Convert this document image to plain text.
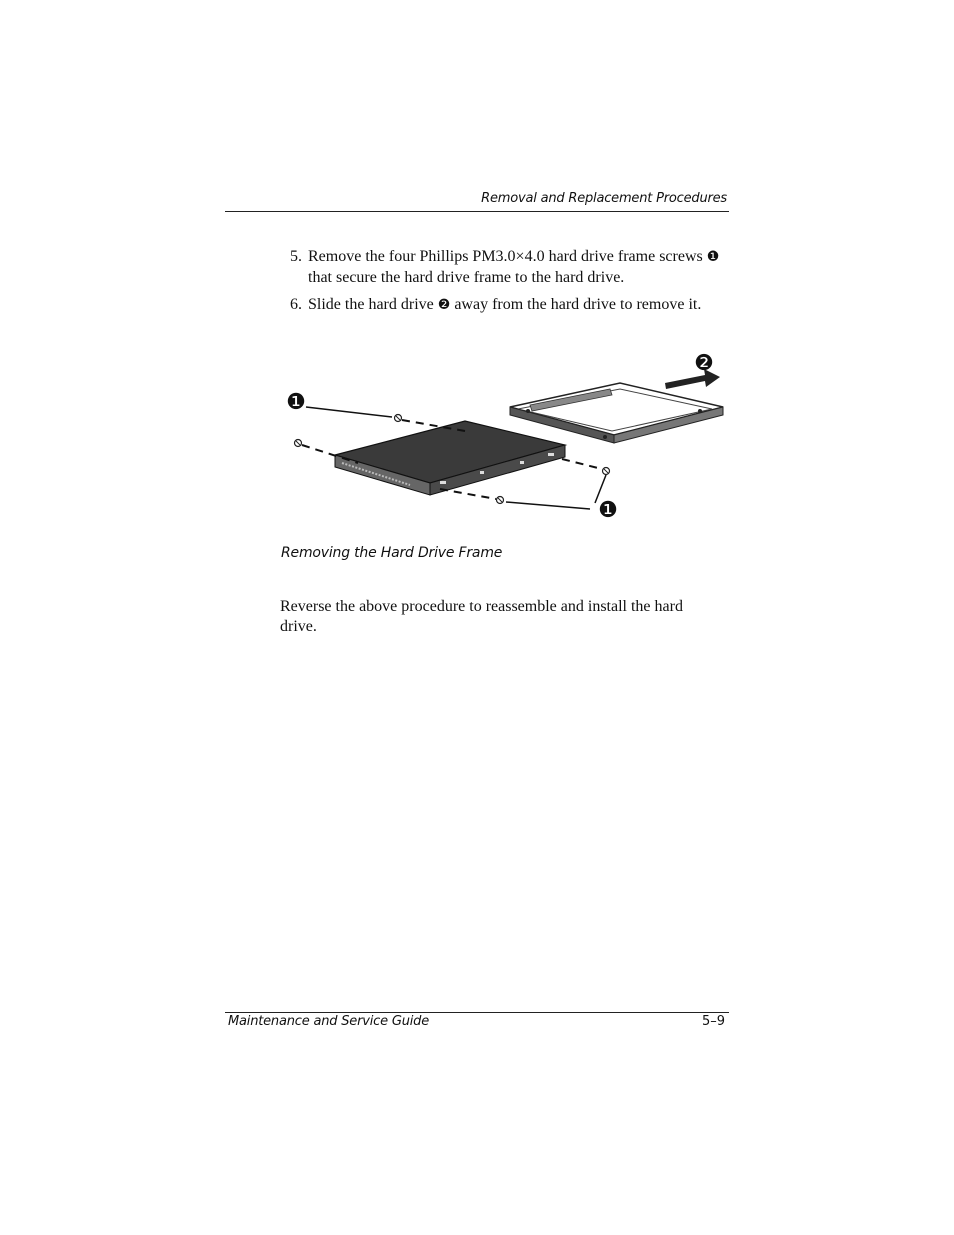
Removal and Replacement Procedures
5. Remove the four Phillips PM3.0×4.0 hard drive frame screws ❶ that secure the hard drive frame to the hard drive.
6. Slide the hard drive ❷ away from the hard drive to remove it.
❶
❶
❷
Removing the Hard Drive Frame

Reverse the above procedure to reassemble and install the hard drive.

Maintenance and Service Guide	5–9
